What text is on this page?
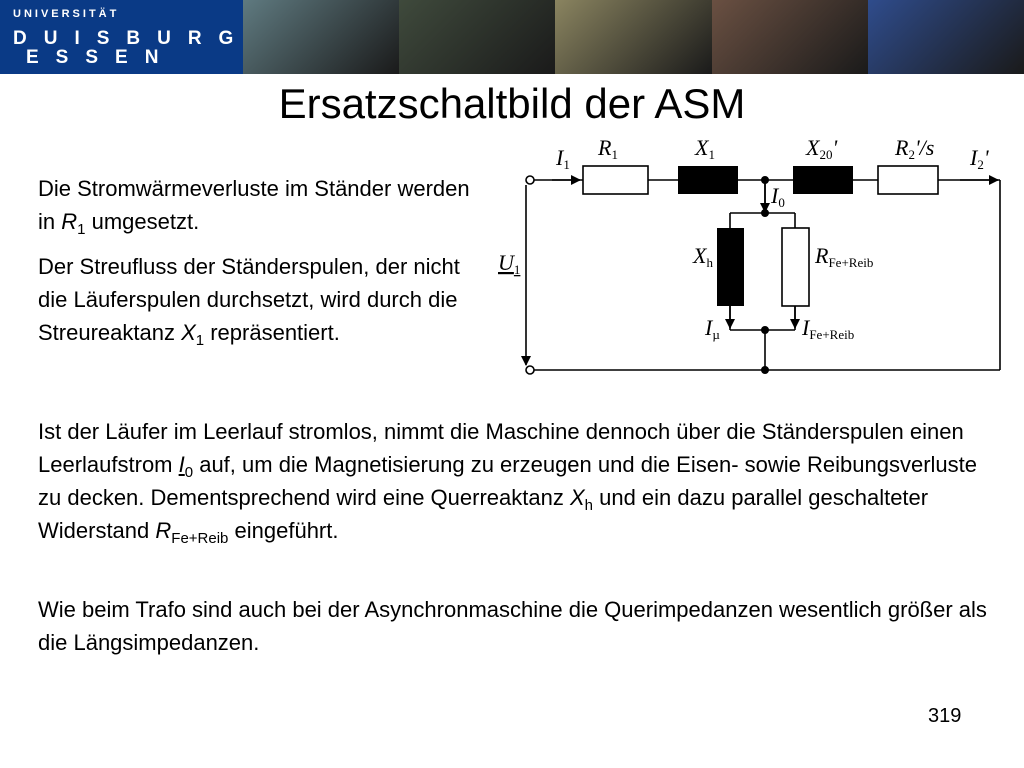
UNIVERSITÄT
DUISBURG
ESSEN
Ersatzschaltbild der ASM
Die Stromwärmeverluste im Ständer werden in $R_1$ umgesetzt.
Der Streufluss der Ständerspulen, der nicht die Läuferspulen durchsetzt, wird durch die Streureaktanz $X_1$ repräsentiert.
Ist der Läufer im Leerlauf stromlos, nimmt die Maschine dennoch über die Ständerspulen einen Leerlaufstrom $I_0$ auf, um die Magnetisierung zu erzeugen und die Eisen- sowie Reibungsverluste zu decken. Dementsprechend wird eine Querreaktanz $X_h$ und ein dazu parallel geschalteter Widerstand $R_{Fe+Reib}$ eingeführt.
Wie beim Trafo sind auch bei der Asynchronmaschine die Querimpedanzen wesentlich größer als die Längsimpedanzen.
319
I1
R1	X1	X20'	R2'/s I2'
I0
U1
Xh	RFe+Reib
Iµ	IFe+Reib
